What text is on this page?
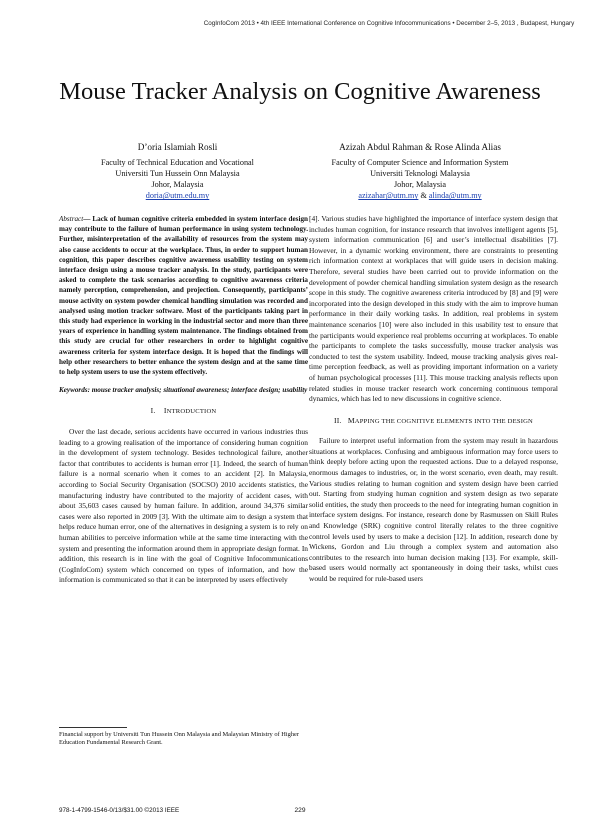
CogInfoCom 2013 • 4th IEEE International Conference on Cognitive Infocommunications • December 2–5, 2013 , Budapest, Hungary
Mouse Tracker Analysis on Cognitive Awareness
D’oria Islamiah Rosli
Faculty of Technical Education and Vocational
Universiti Tun Hussein Onn Malaysia
Johor, Malaysia
doria@utm.edu.my
Azizah Abdul Rahman & Rose Alinda Alias
Faculty of Computer Science and Information System
Universiti Teknologi Malaysia
Johor, Malaysia
azizahar@utm.my & alinda@utm.my
Abstract— Lack of human cognitive criteria embedded in system interface design may contribute to the failure of human performance in using system technology. Further, misinterpretation of the availability of resources from the system may also cause accidents to occur at the workplace. Thus, in order to support human cognition, this paper describes cognitive awareness usability testing on system interface design using a mouse tracker analysis. In the study, participants were asked to complete the task scenarios according to cognitive awareness criteria namely perception, comprehension, and projection. Consequently, participants’ mouse activity on system powder chemical handling simulation was recorded and analysed using motion tracker software. Most of the participants taking part in this study had experience in working in the industrial sector and more than three years of experience in handling system maintenance. The findings obtained from this study are crucial for other researchers in order to highlight cognitive awareness criteria for system interface design. It is hoped that the findings will help other researchers to better enhance the system design and at the same time to help system users to use the system effectively.
Keywords: mouse tracker analysis; situational awareness; interface design; usability
I. INTRODUCTION

Over the last decade, serious accidents have occurred in various industries thus leading to a growing realisation of the importance of considering human cognition in the development of system technology. Besides technological failure, another factor that contributes to accidents is human error [1]. Indeed, the search of human failure is a normal scenario when it comes to an accident [2]. In Malaysia, according to Social Security Organisation (SOCSO) 2010 accidents statistics, the manufacturing industry have contributed to the majority of accident cases, with about 35,603 cases caused by human failure. In addition, around 34,376 similar cases were also reported in 2009 [3]. With the ultimate aim to design a system that helps reduce human error, one of the alternatives in designing a system is to rely on human abilities to perceive information while at the same time interacting with the system and presenting the information around them in appropriate design format. In addition, this research is in line with the goal of Cognitive Infocommunications (CogInfoCom) system which concerned on types of information, and how the information is communicated so that it can be interpreted by users effectively

[4]. Various studies have highlighted the importance of interface system design that includes human cognition, for instance research that involves intelligent agents [5], system information communication [6] and user’s intellectual disabilities [7]. However, in a dynamic working environment, there are constraints to presenting rich information context at workplaces that will guide users in decision making. Therefore, several studies have been carried out to provide information on the development of powder chemical handling simulation system design as the research scope in this study. The cognitive awareness criteria introduced by [8] and [9] were incorporated into the design developed in this study with the aim to improve human performance in their daily working tasks. In addition, real problems in system maintenance scenarios [10] were also included in this usability test to ensure that the participants would experience real problems occurring at workplaces. To enable the participants to complete the tasks successfully, mouse tracker analysis was conducted to test the system usability. Indeed, mouse tracking analysis gives real-time perception feedback, as well as providing important information on a variety of human psychological processes [11]. This mouse tracking analysis reflects upon related studies in mouse tracker research work concerning continuous temporal dynamics, which has led to new discussions in cognitive science.

II. MAPPING THE COGNITIVE ELEMENTS INTO THE DESIGN

Failure to interpret useful information from the system may result in hazardous situations at workplaces. Confusing and ambiguous information may force users to think deeply before acting upon the requested actions. Due to a delayed response, enormous damages to industries, or, in the worst scenario, even death, may result. Various studies relating to human cognition and system design have been carried out. Starting from studying human cognition and system design as two separate solid entities, the study then proceeds to the need for integrating human cognition in interface system designs. For instance, research done by Rasmussen on Skill Rules and Knowledge (SRK) cognitive control literally relates to the three cognitive control levels used by users to make a decision [12]. In addition, research done by Wickens, Gordon and Liu through a complex system and automation also contributes to the research into human decision making [13]. For example, skill-based users would normally act spontaneously in doing their tasks, whilst cues would be required for rule-based users

Financial support by Universiti Tun Hussein Onn Malaysia and Malaysian Ministry of Higher Education Fundamental Research Grant.
978-1-4799-1546-0/13/$31.00 ©2013 IEEE	229
